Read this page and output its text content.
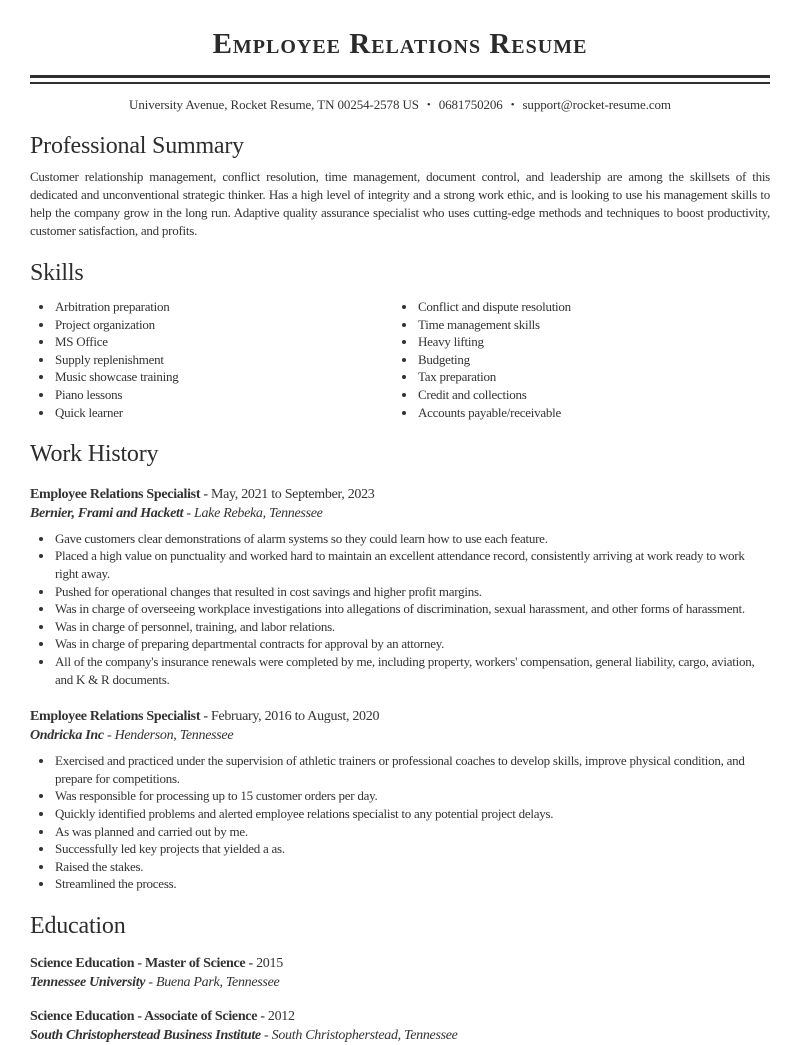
Employee Relations Resume
University Avenue, Rocket Resume, TN 00254-2578 US • 0681750206 • support@rocket-resume.com
Professional Summary

Customer relationship management, conflict resolution, time management, document control, and leadership are among the skillsets of this dedicated and unconventional strategic thinker. Has a high level of integrity and a strong work ethic, and is looking to use his management skills to help the company grow in the long run. Adaptive quality assurance specialist who uses cutting-edge methods and techniques to boost productivity, customer satisfaction, and profits.

Skills
• Arbitration preparation
• Project organization
• MS Office
• Supply replenishment
• Music showcase training
• Piano lessons
• Quick learner
• Conflict and dispute resolution
• Time management skills
• Heavy lifting
• Budgeting
• Tax preparation
• Credit and collections
• Accounts payable/receivable
Work History
Employee Relations Specialist - May, 2021 to September, 2023
Bernier, Frami and Hackett - Lake Rebeka, Tennessee
• Gave customers clear demonstrations of alarm systems so they could learn how to use each feature.
• Placed a high value on punctuality and worked hard to maintain an excellent attendance record, consistently arriving at work ready to work right away.
• Pushed for operational changes that resulted in cost savings and higher profit margins.
• Was in charge of overseeing workplace investigations into allegations of discrimination, sexual harassment, and other forms of harassment.
• Was in charge of personnel, training, and labor relations.
• Was in charge of preparing departmental contracts for approval by an attorney.
• All of the company's insurance renewals were completed by me, including property, workers' compensation, general liability, cargo, aviation, and K & R documents.
Employee Relations Specialist - February, 2016 to August, 2020
Ondricka Inc - Henderson, Tennessee
• Exercised and practiced under the supervision of athletic trainers or professional coaches to develop skills, improve physical condition, and prepare for competitions.
• Was responsible for processing up to 15 customer orders per day.
• Quickly identified problems and alerted employee relations specialist to any potential project delays.
• As was planned and carried out by me.
• Successfully led key projects that yielded a as.
• Raised the stakes.
• Streamlined the process.
Education
Science Education - Master of Science - 2015
Tennessee University - Buena Park, Tennessee
Science Education - Associate of Science - 2012
South Christopherstead Business Institute - South Christopherstead, Tennessee
